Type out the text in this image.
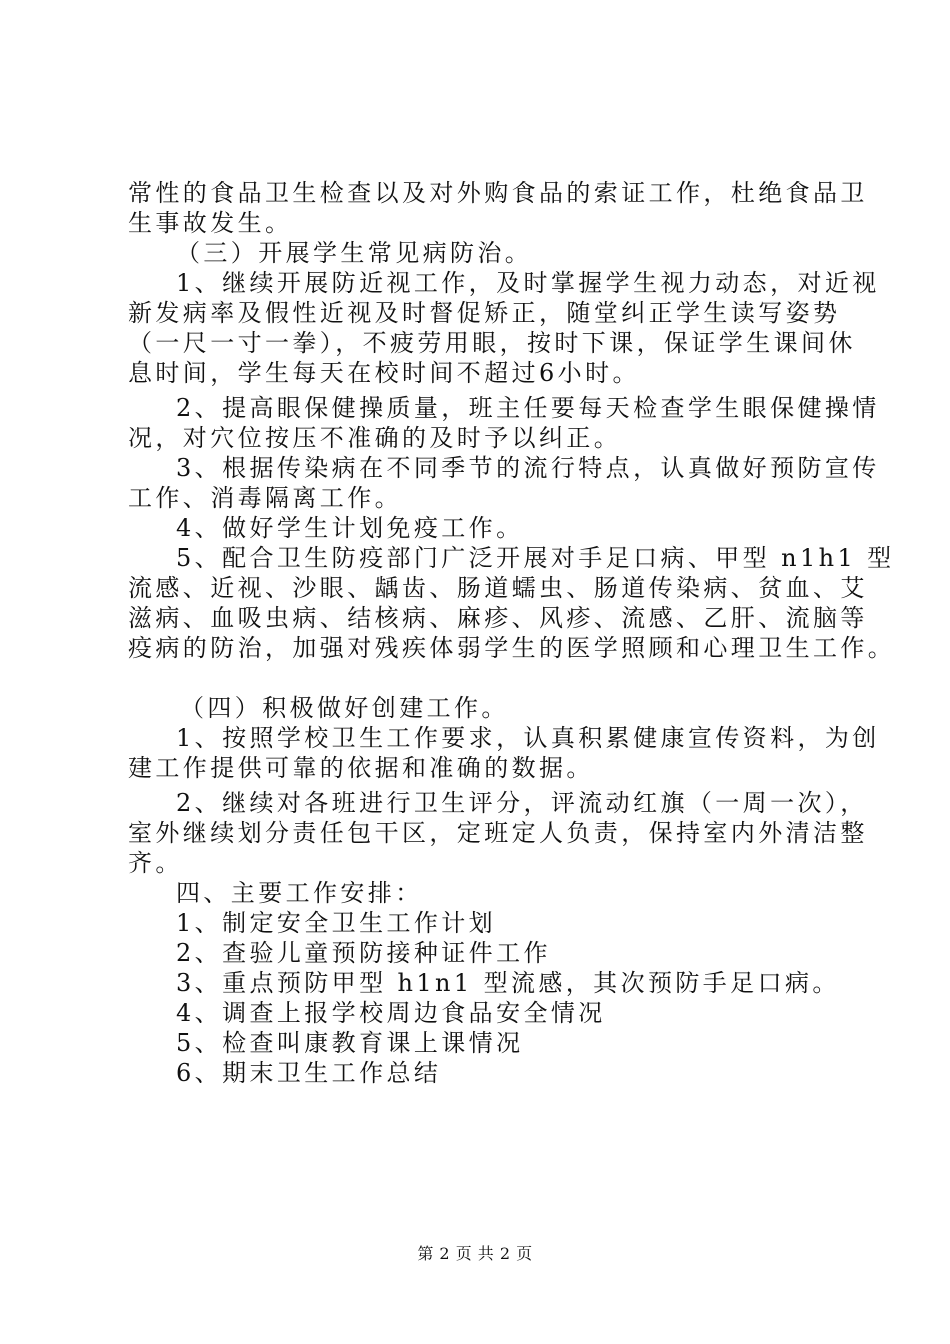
常性的食品卫生检查以及对外购食品的索证工作，杜绝食品卫
生事故发生。
（三）开展学生常见病防治。
1、继续开展防近视工作，及时掌握学生视力动态，对近视
新发病率及假性近视及时督促矫正，随堂纠正学生读写姿势
（一尺一寸一拳），不疲劳用眼，按时下课，保证学生课间休
息时间，学生每天在校时间不超过6小时。
2、提高眼保健操质量，班主任要每天检查学生眼保健操情
况，对穴位按压不准确的及时予以纠正。
3、根据传染病在不同季节的流行特点，认真做好预防宣传
工作、消毒隔离工作。
4、做好学生计划免疫工作。
5、配合卫生防疫部门广泛开展对手足口病、甲型 n1h1 型
流感、近视、沙眼、龋齿、肠道蠕虫、肠道传染病、贫血、艾
滋病、血吸虫病、结核病、麻疹、风疹、流感、乙肝、流脑等
疫病的防治，加强对残疾体弱学生的医学照顾和心理卫生工作。
（四）积极做好创建工作。
1、按照学校卫生工作要求，认真积累健康宣传资料，为创
建工作提供可靠的依据和准确的数据。
2、继续对各班进行卫生评分，评流动红旗（一周一次），
室外继续划分责任包干区，定班定人负责，保持室内外清洁整
齐。
四、主要工作安排：
1、制定安全卫生工作计划
2、查验儿童预防接种证件工作
3、重点预防甲型 h1n1 型流感，其次预防手足口病。
4、调查上报学校周边食品安全情况
5、检查叫康教育课上课情况
6、期末卫生工作总结
第 2 页 共 2 页
